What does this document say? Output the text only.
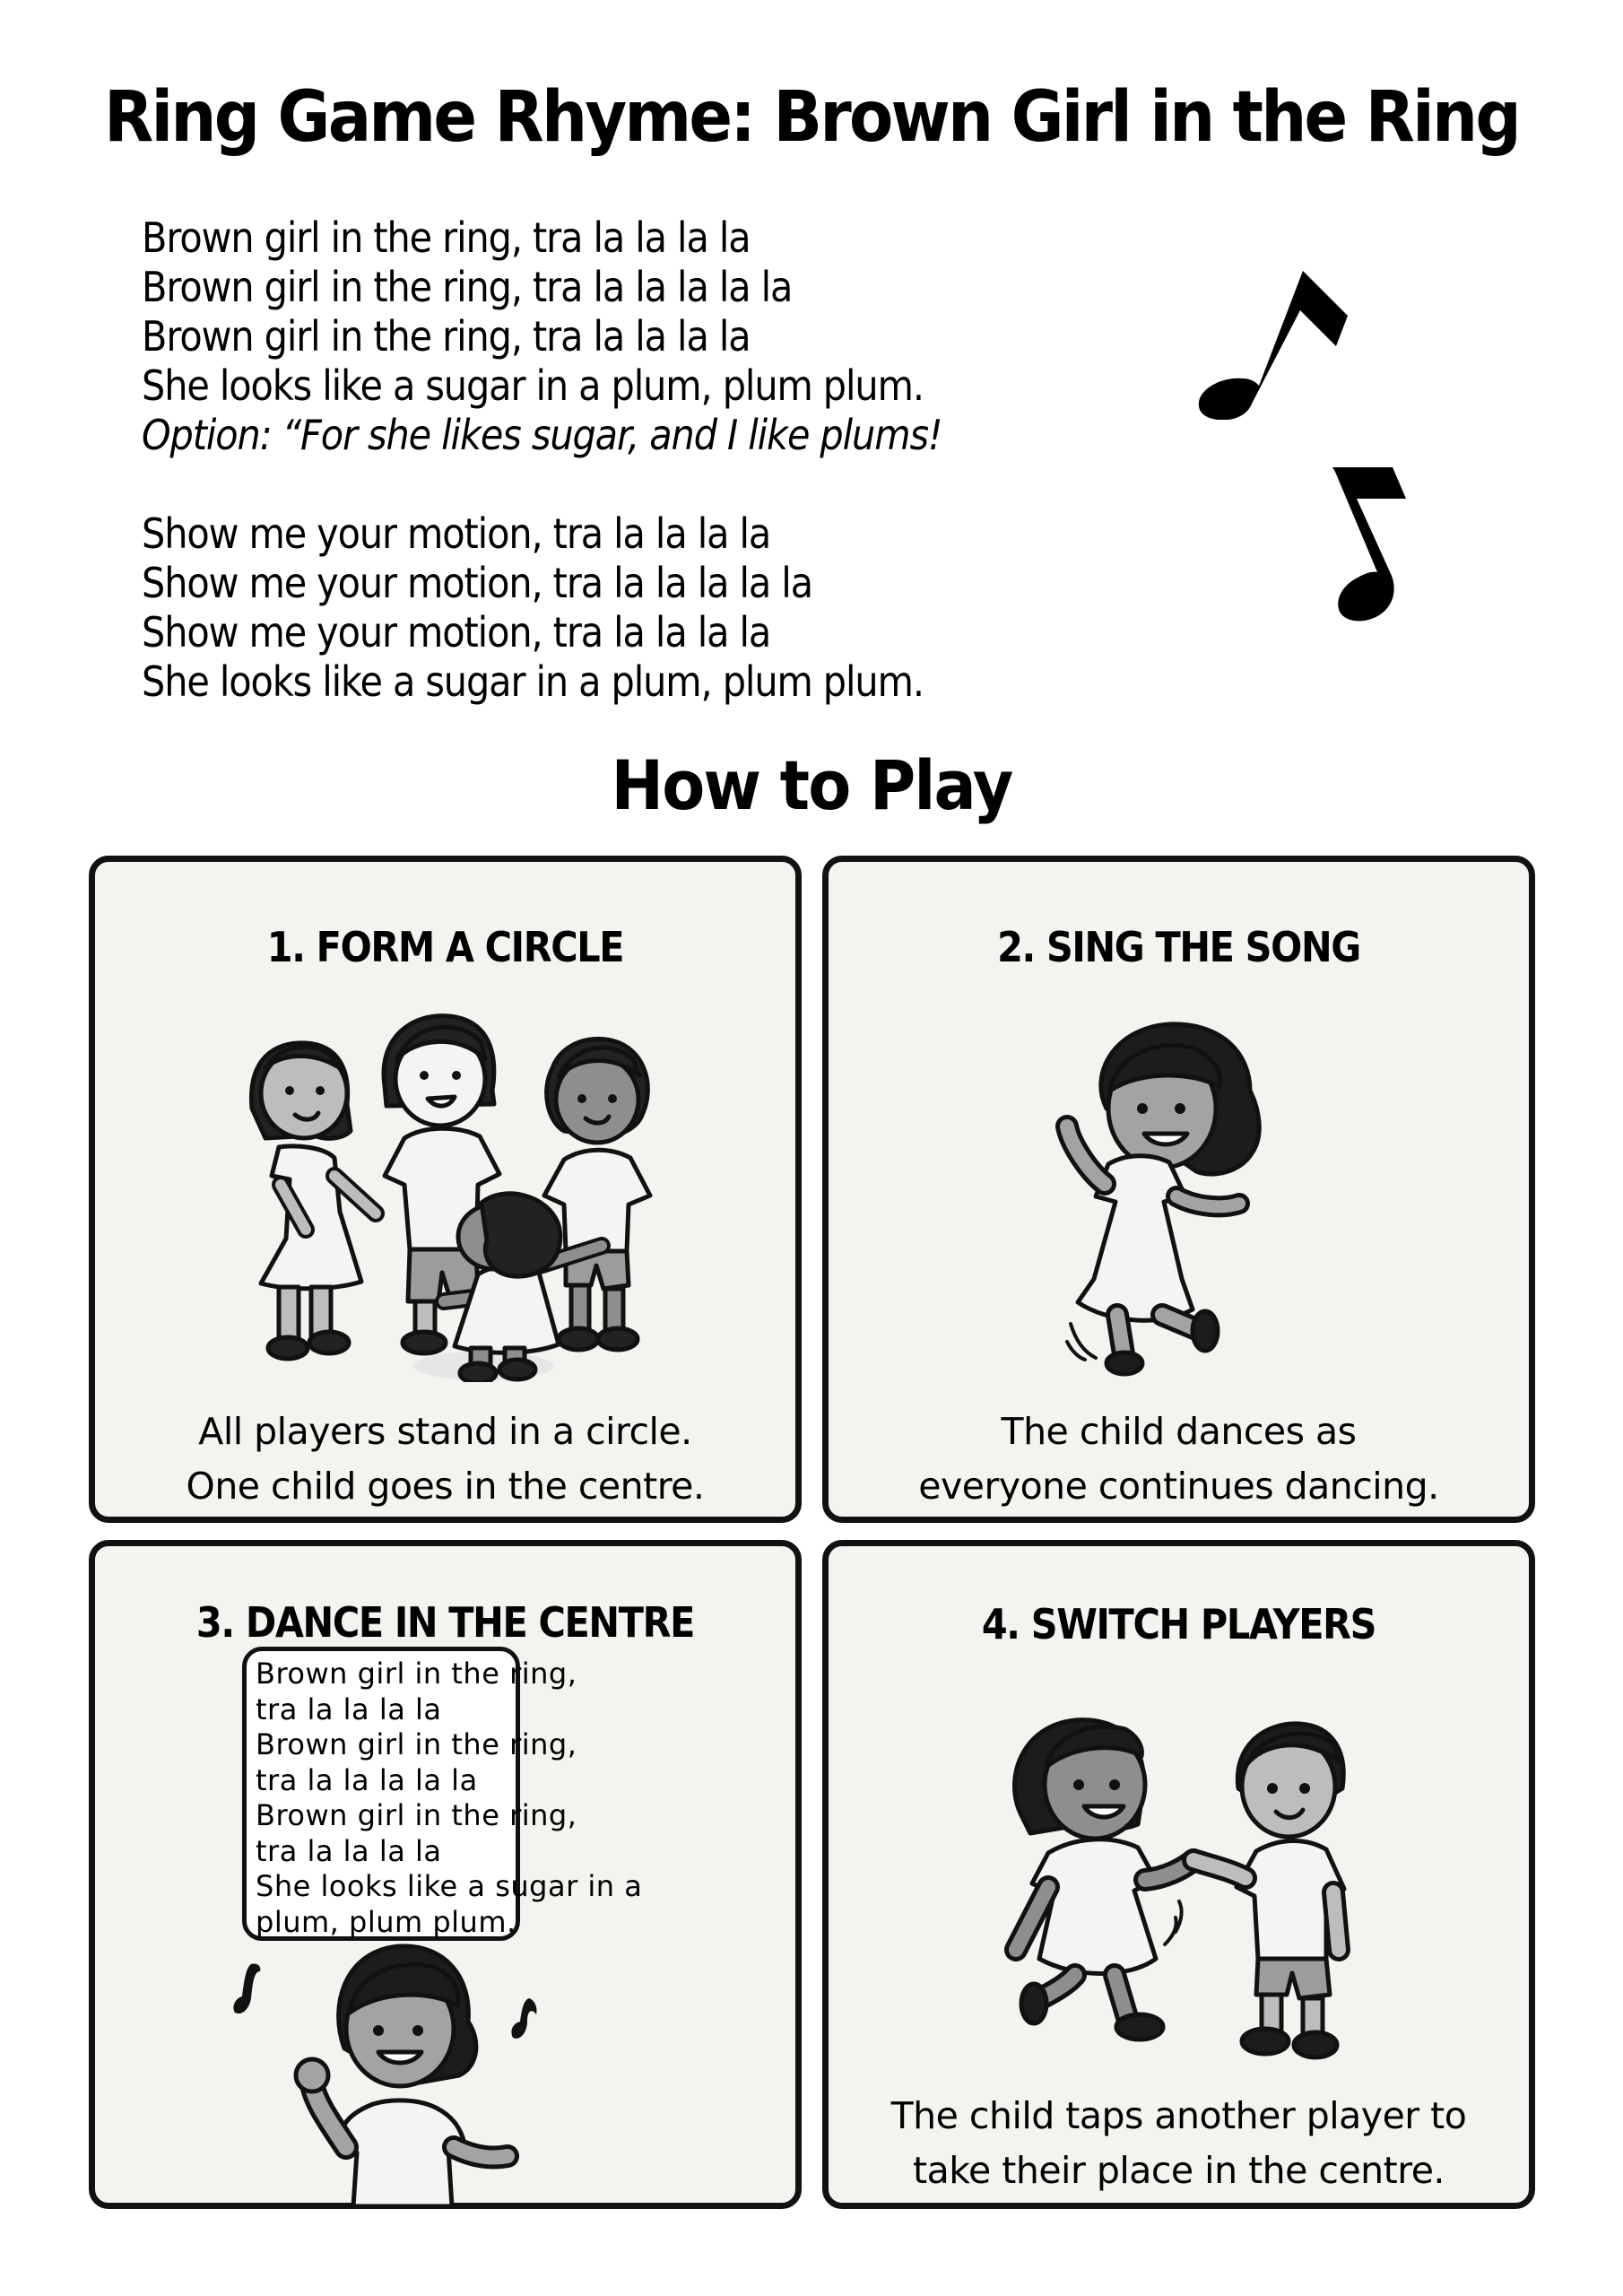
Ring Game Rhyme: Brown Girl in the Ring
Brown girl in the ring, tra la la la la
Brown girl in the ring, tra la la la la la
Brown girl in the ring, tra la la la la
She looks like a sugar in a plum, plum plum.
Option: “For she likes sugar, and I like plums!
Show me your motion, tra la la la la
Show me your motion, tra la la la la la
Show me your motion, tra la la la la
She looks like a sugar in a plum, plum plum.
How to Play
1. FORM A CIRCLE
All players stand in a circle.
One child goes in the centre.
2. SING THE SONG
The child dances as
everyone continues dancing.
3. DANCE IN THE CENTRE
Brown girl in the ring,
tra la la la la
Brown girl in the ring,
tra la la la la la
Brown girl in the ring,
tra la la la la
She looks like a sugar in a
plum, plum plum.
4. SWITCH PLAYERS
The child taps another player to
take their place in the centre.
